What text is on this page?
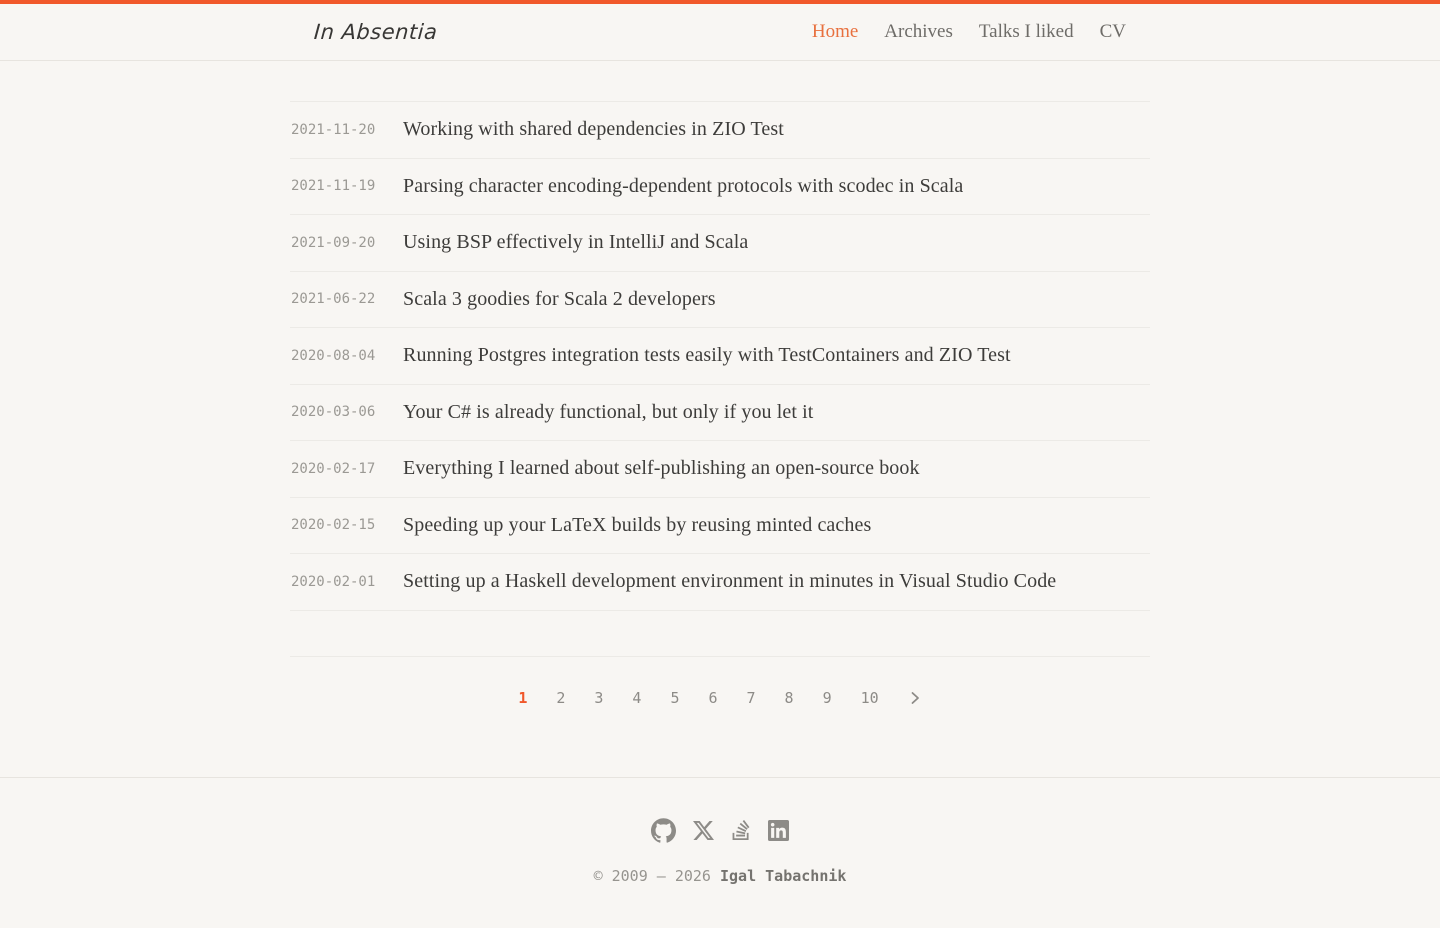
In Absentia	Home Archives Talks I liked CV
2021-11-20 Working with shared dependencies in ZIO Test
2021-11-19 Parsing character encoding-dependent protocols with scodec in Scala
2021-09-20 Using BSP effectively in IntelliJ and Scala
2021-06-22 Scala 3 goodies for Scala 2 developers
2020-08-04 Running Postgres integration tests easily with TestContainers and ZIO Test
2020-03-06 Your C# is already functional, but only if you let it
2020-02-17 Everything I learned about self-publishing an open-source book
2020-02-15 Speeding up your LaTeX builds by reusing minted caches
2020-02-01 Setting up a Haskell development environment in minutes in Visual Studio Code
1 2 3 4 5 6 7 8 9 10

© 2009 — 2026 Igal Tabachnik
